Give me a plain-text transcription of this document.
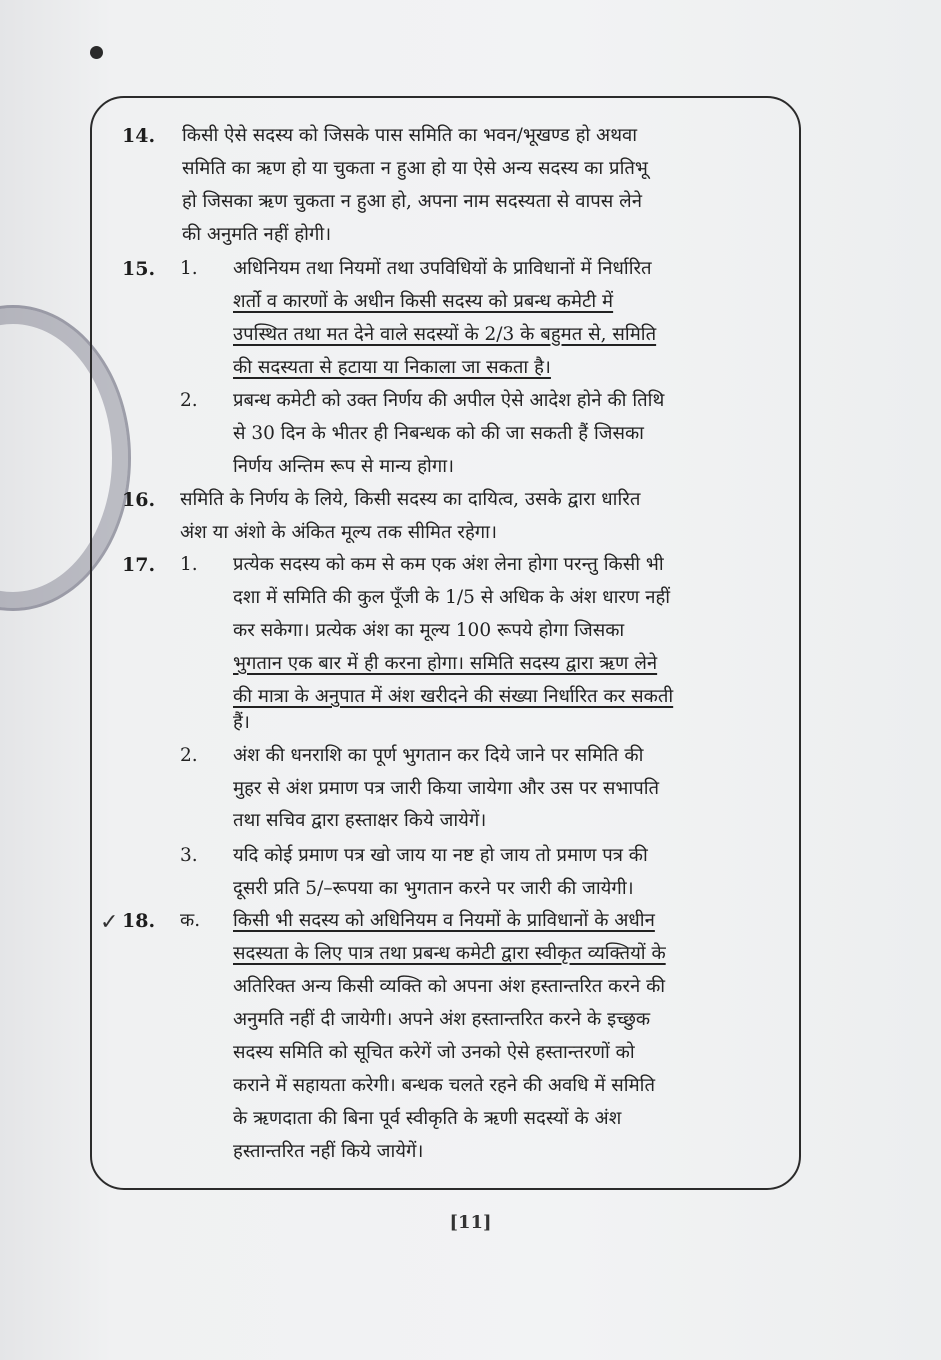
14. किसी ऐसे सदस्य को जिसके पास समिति का भवन/भूखण्ड हो अथवा
समिति का ऋण हो या चुकता न हुआ हो या ऐसे अन्य सदस्य का प्रतिभू
हो जिसका ऋण चुकता न हुआ हो, अपना नाम सदस्यता से वापस लेने
की अनुमति नहीं होगी।
15. 1. अधिनियम तथा नियमों तथा उपविधियों के प्राविधानों में निर्धारित
शर्तो व कारणों के अधीन किसी सदस्य को प्रबन्ध कमेटी में
उपस्थित तथा मत देने वाले सदस्यों के 2/3 के बहुमत से, समिति
की सदस्यता से हटाया या निकाला जा सकता है।
2. प्रबन्ध कमेटी को उक्त निर्णय की अपील ऐसे आदेश होने की तिथि
से 30 दिन के भीतर ही निबन्धक को की जा सकती हैं जिसका
निर्णय अन्तिम रूप से मान्य होगा।
16. समिति के निर्णय के लिये, किसी सदस्य का दायित्व, उसके द्वारा धारित
अंश या अंशो के अंकित मूल्य तक सीमित रहेगा।
17. 1. प्रत्येक सदस्य को कम से कम एक अंश लेना होगा परन्तु किसी भी
दशा में समिति की कुल पूँजी के 1/5 से अधिक के अंश धारण नहीं
कर सकेगा। प्रत्येक अंश का मूल्य 100 रूपये होगा जिसका
भुगतान एक बार में ही करना होगा। समिति सदस्य द्वारा ऋण लेने
की मात्रा के अनुपात में अंश खरीदने की संख्या निर्धारित कर सकती
हैं।
2. अंश की धनराशि का पूर्ण भुगतान कर दिये जाने पर समिति की
मुहर से अंश प्रमाण पत्र जारी किया जायेगा और उस पर सभापति
तथा सचिव द्वारा हस्ताक्षर किये जायेगें।
3. यदि कोई प्रमाण पत्र खो जाय या नष्ट हो जाय तो प्रमाण पत्र की
दूसरी प्रति 5/–रूपया का भुगतान करने पर जारी की जायेगी।
✓ 18. क. किसी भी सदस्य को अधिनियम व नियमों के प्राविधानों के अधीन
सदस्यता के लिए पात्र तथा प्रबन्ध कमेटी द्वारा स्वीकृत व्यक्तियों के
अतिरिक्त अन्य किसी व्यक्ति को अपना अंश हस्तान्तरित करने की
अनुमति नहीं दी जायेगी। अपने अंश हस्तान्तरित करने के इच्छुक
सदस्य समिति को सूचित करेगें जो उनको ऐसे हस्तान्तरणों को
कराने में सहायता करेगी। बन्धक चलते रहने की अवधि में समिति
के ऋणदाता की बिना पूर्व स्वीकृति के ऋणी सदस्यों के अंश
हस्तान्तरित नहीं किये जायेगें।
[11]
